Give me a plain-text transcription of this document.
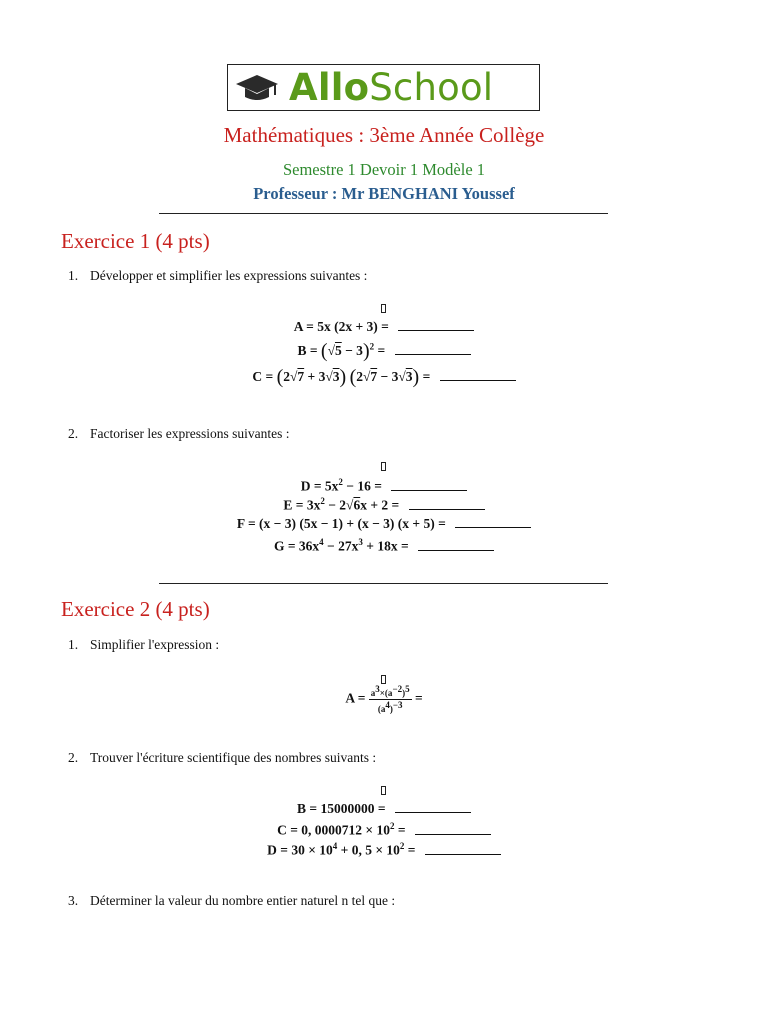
AlloSchool
Mathématiques : 3ème Année Collège
Semestre 1 Devoir 1 Modèle 1
Professeur : Mr BENGHANI Youssef
Exercice 1 (4 pts)
1. Développer et simplifier les expressions suivantes :
A = 5x (2x + 3) =
$B = (√5 - 3)^2$ =
C = (2√7 + 3√3) (2√7 − 3√3) =
2. Factoriser les expressions suivantes :
$D = 5x^2 - 16$ =
$E = 3x^2 - 2√6x + 2$ =
F = (x − 3) (5x − 1) + (x − 3) (x + 5) =
$G = 36x^4 - 27x^3 + 18x$ =
Exercice 2 (4 pts)
1. Simplifier l'expression :
$A = \frac{a^3\times(a^{-2})^5}{(a^4)^{-3}}$ =
2. Trouver l'écriture scientifique des nombres suivants :
B = 15000000 =
C = 0, $0000712 \times 10^2$ =
$D = 30 \times 10^4 + 0$, $5 \times 10^2$ =
3. Déterminer la valeur du nombre entier naturel n tel que :
